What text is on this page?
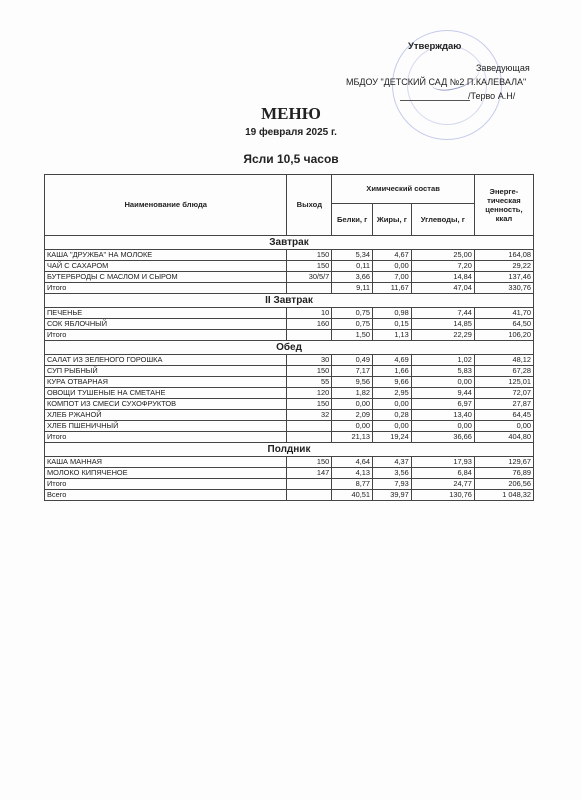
Утверждаю
Заведующая
МБДОУ "ДЕТСКИЙ САД №2 П.КАЛЕВАЛА"
/Терво А.Н/
МЕНЮ
19 февраля 2025 г.
Ясли 10,5 часов
Наименование блюда	Выход	Химический состав			Энерге-тическая ценность, ккал
		Белки, г	Жиры, г	Углеводы, г	
Завтрак					
КАША "ДРУЖБА" НА МОЛОКЕ	150	5,34	4,67	25,00	164,08
ЧАЙ С САХАРОМ	150	0,11	0,00	7,20	29,22
БУТЕРБРОДЫ С МАСЛОМ И СЫРОМ	30/5/7	3,66	7,00	14,84	137,46
Итого		9,11	11,67	47,04	330,76
II Завтрак					
ПЕЧЕНЬЕ	10	0,75	0,98	7,44	41,70
СОК ЯБЛОЧНЫЙ	160	0,75	0,15	14,85	64,50
Итого		1,50	1,13	22,29	106,20
Обед					
САЛАТ ИЗ ЗЕЛЕНОГО ГОРОШКА	30	0,49	4,69	1,02	48,12
СУП РЫБНЫЙ	150	7,17	1,66	5,83	67,28
КУРА ОТВАРНАЯ	55	9,56	9,66	0,00	125,01
ОВОЩИ ТУШЕНЫЕ НА СМЕТАНЕ	120	1,82	2,95	9,44	72,07
КОМПОТ ИЗ СМЕСИ СУХОФРУКТОВ	150	0,00	0,00	6,97	27,87
ХЛЕБ РЖАНОЙ	32	2,09	0,28	13,40	64,45
ХЛЕБ ПШЕНИЧНЫЙ		0,00	0,00	0,00	0,00
Итого		21,13	19,24	36,66	404,80
Полдник					
КАША МАННАЯ	150	4,64	4,37	17,93	129,67
МОЛОКО КИПЯЧЕНОЕ	147	4,13	3,56	6,84	76,89
Итого		8,77	7,93	24,77	206,56
Всего		40,51	39,97	130,76	1 048,32
